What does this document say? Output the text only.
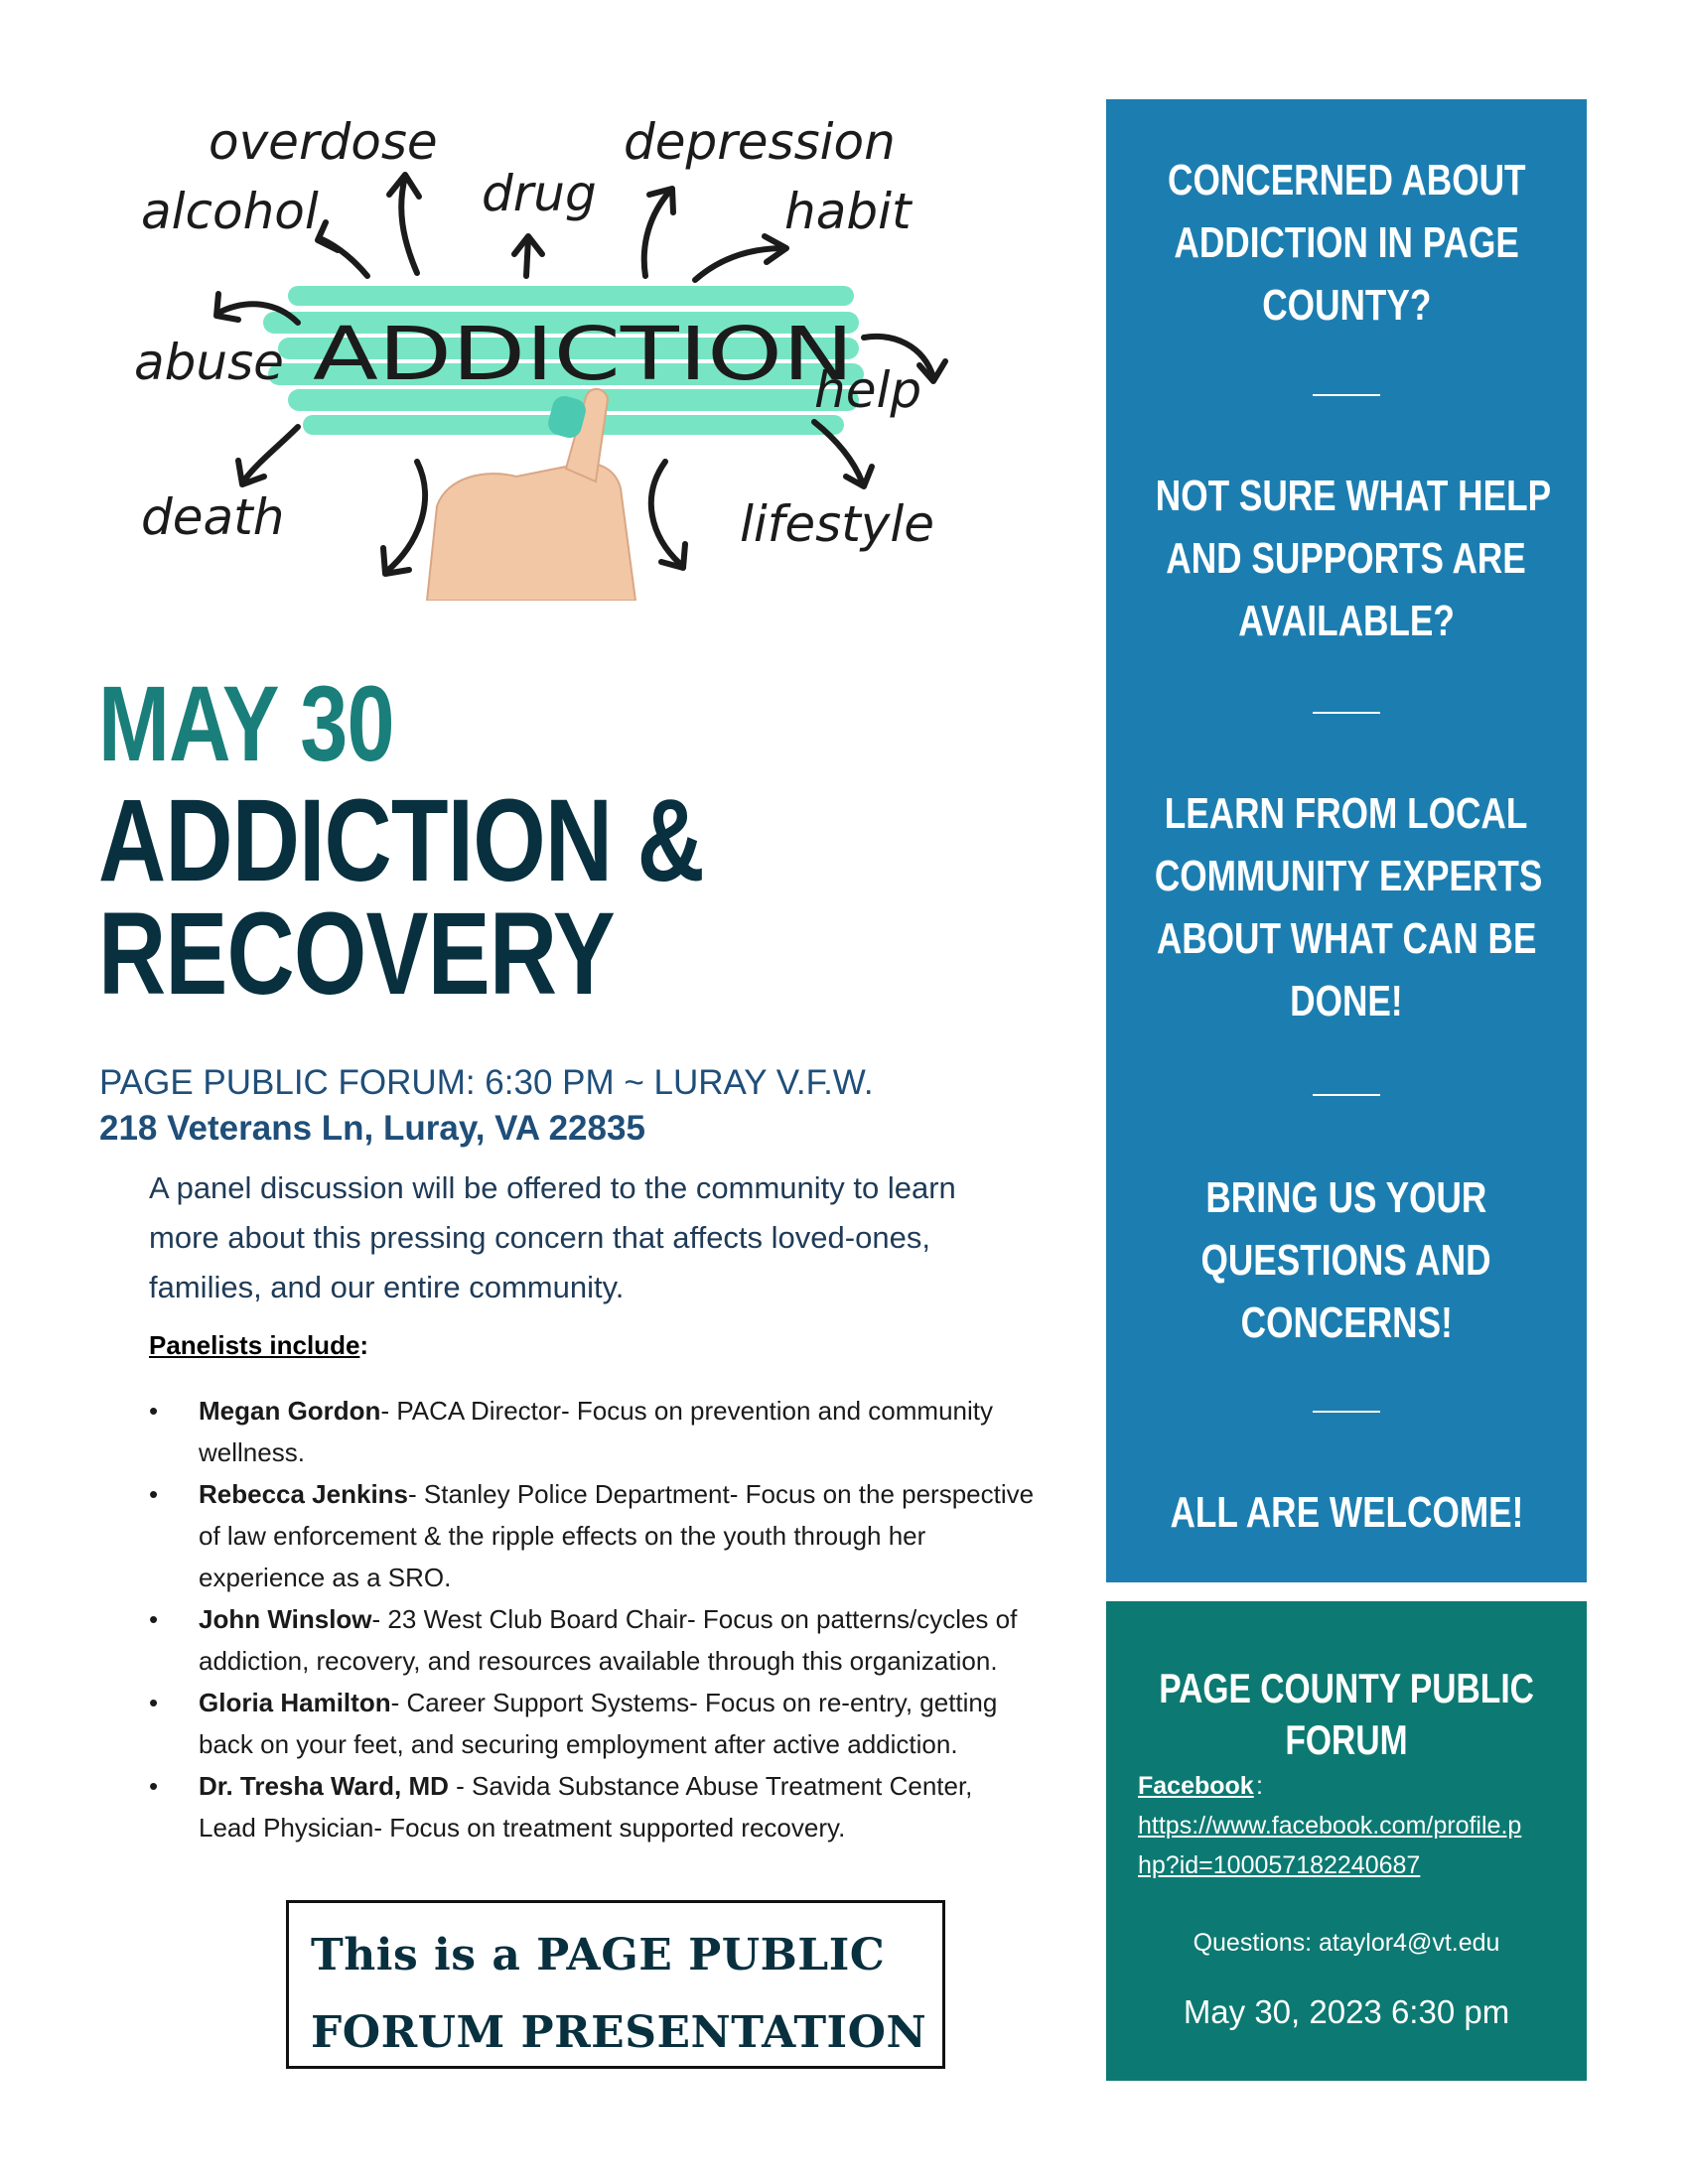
overdose	depression
drug
alcohol	habit
abuse	help
death	lifestyle
ADDICTION
MAY 30
ADDICTION &
RECOVERY
PAGE PUBLIC FORUM: 6:30 PM ~ LURAY V.F.W.
218 Veterans Ln, Luray, VA 22835
A panel discussion will be offered to the community to learn
more about this pressing concern that affects loved-ones,
families, and our entire community.
Panelists include:
• Megan Gordon- PACA Director- Focus on prevention and community
wellness.
• Rebecca Jenkins- Stanley Police Department- Focus on the perspective
of law enforcement & the ripple effects on the youth through her
experience as a SRO.
• John Winslow- 23 West Club Board Chair- Focus on patterns/cycles of
addiction, recovery, and resources available through this organization.
• Gloria Hamilton- Career Support Systems- Focus on re-entry, getting
back on your feet, and securing employment after active addiction.
• Dr. Tresha Ward, MD - Savida Substance Abuse Treatment Center,
Lead Physician- Focus on treatment supported recovery.
This is a PAGE PUBLIC
FORUM PRESENTATION
CONCERNED ABOUT
ADDICTION IN PAGE
COUNTY?
NOT SURE WHAT HELP
AND SUPPORTS ARE
AVAILABLE?
LEARN FROM LOCAL
COMMUNITY EXPERTS
ABOUT WHAT CAN BE
DONE!
BRING US YOUR
QUESTIONS AND
CONCERNS!
ALL ARE WELCOME!
PAGE COUNTY PUBLIC
FORUM
Facebook :
https://www.facebook.com/profile.p
hp?id=100057182240687
Questions: ataylor4@vt.edu
May 30, 2023 6:30 pm
